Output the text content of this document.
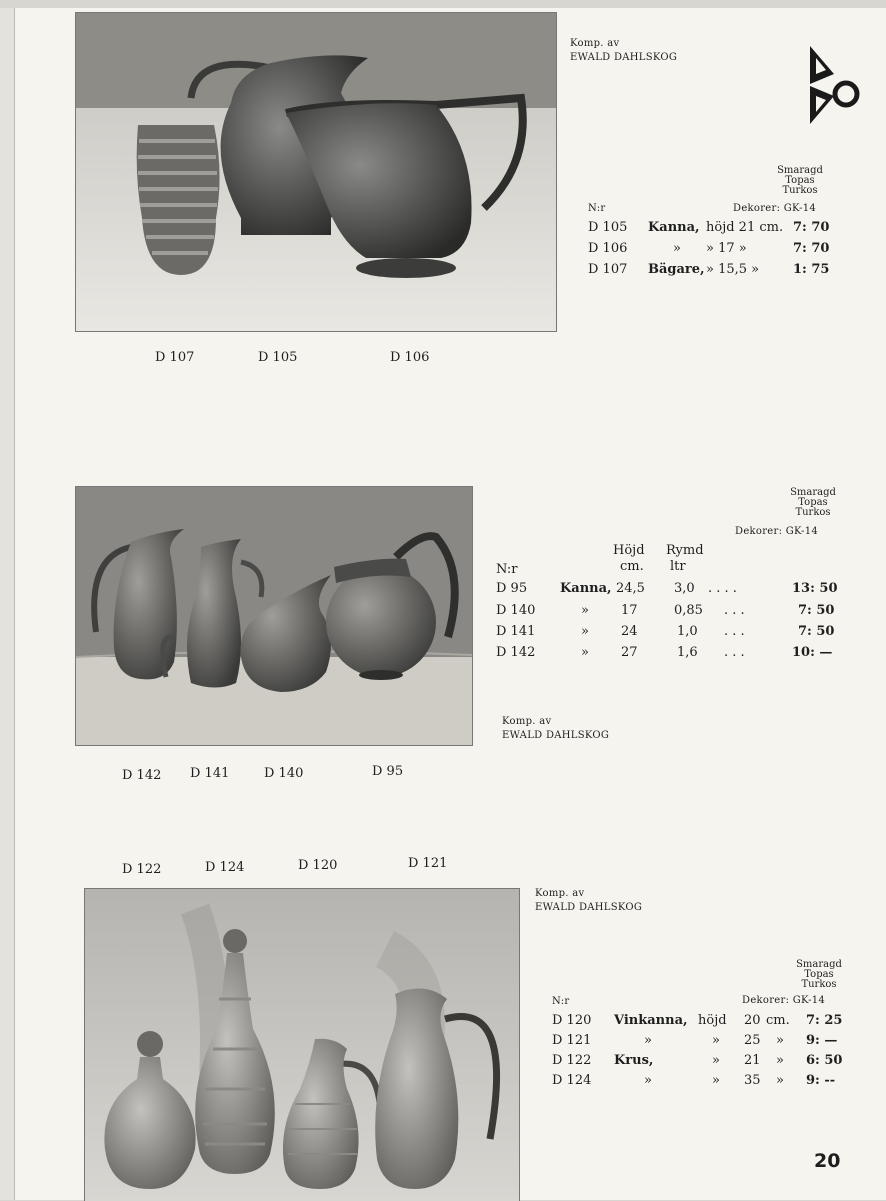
Komp. av
EWALD DAHLSKOG
Smaragd
Topas
Turkos
N:r	Dekorer: GK-14
D 105 Kanna, höjd 21 cm. 7: 70
D 106	» » 17 »	7: 70
D 107 Bägare, » 15,5 »	1: 75
D 107	D 105	D 106
Smaragd
Topas
Turkos
Dekorer: GK-14
Höjd Rymd
N:r	cm. ltr
D 95	Kanna, 24,5 3,0 . . . .	13: 50
D 140	» 17	0,85 . . .	7: 50
D 141	» 24	1,0 . . .	7: 50
D 142	» 27	1,6 . . .	10: —
Komp. av
EWALD DAHLSKOG
D 142 D 141	D 140	D 95
D 122	D 124	D 120	D 121
Komp. av
EWALD DAHLSKOG
Smaragd
Topas
Turkos
N:r	Dekorer: GK-14
D 120 Vinkanna, höjd 20 cm. 7: 25
D 121	»	» 25 » 9: —
D 122 Krus,	» 21 » 6: 50
D 124	»	» 35 » 9: --
20
